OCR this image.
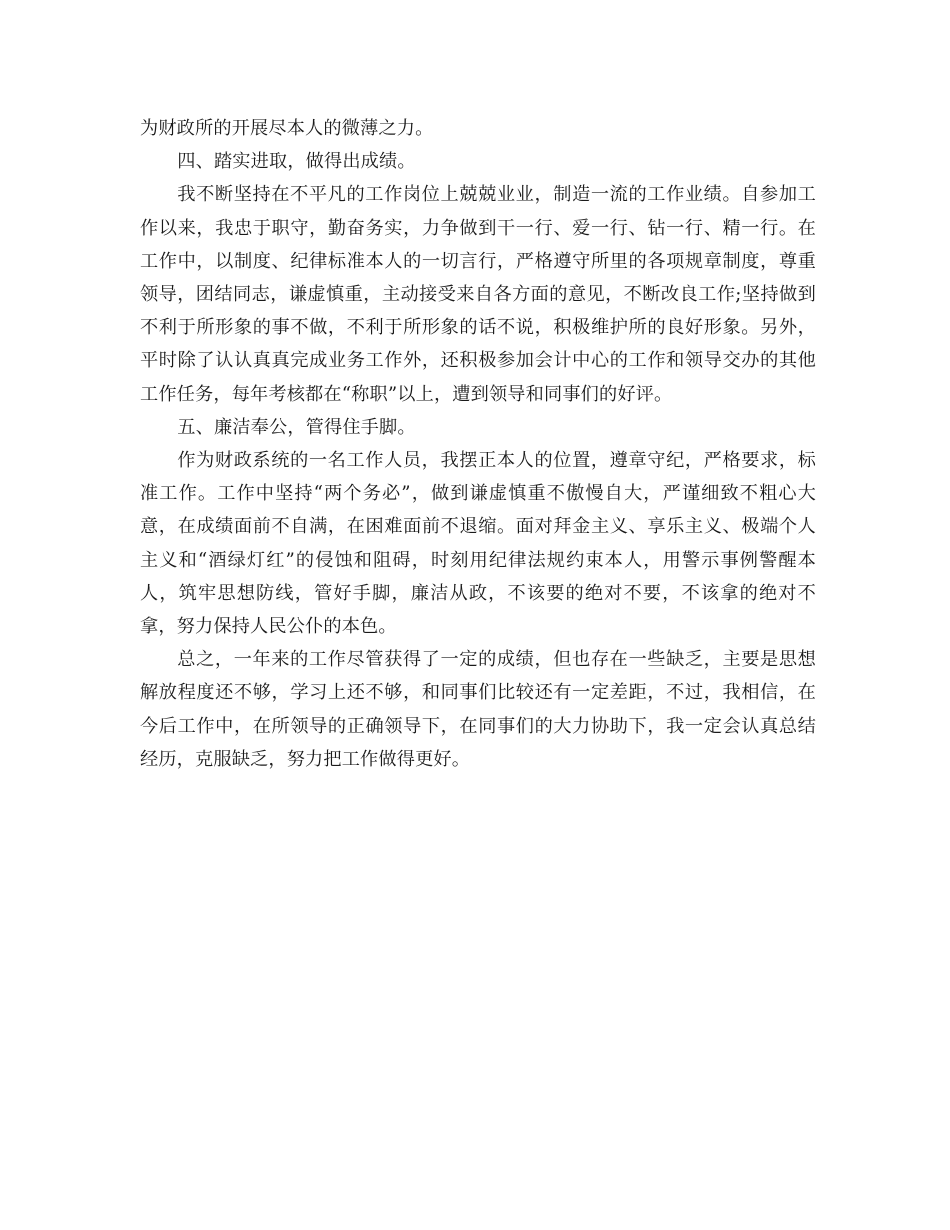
为财政所的开展尽本人的微薄之力。

四、踏实进取，做得出成绩。

我不断坚持在不平凡的工作岗位上兢兢业业，制造一流的工作业绩。自参加工作以来，我忠于职守，勤奋务实，力争做到干一行、爱一行、钻一行、精一行。在工作中，以制度、纪律标准本人的一切言行，严格遵守所里的各项规章制度，尊重领导，团结同志，谦虚慎重，主动接受来自各方面的意见，不断改良工作;坚持做到不利于所形象的事不做，不利于所形象的话不说，积极维护所的良好形象。另外，平时除了认认真真完成业务工作外，还积极参加会计中心的工作和领导交办的其他工作任务，每年考核都在“称职”以上，遭到领导和同事们的好评。

五、廉洁奉公，管得住手脚。

作为财政系统的一名工作人员，我摆正本人的位置，遵章守纪，严格要求，标准工作。工作中坚持“两个务必”，做到谦虚慎重不傲慢自大，严谨细致不粗心大意，在成绩面前不自满，在困难面前不退缩。面对拜金主义、享乐主义、极端个人主义和“酒绿灯红”的侵蚀和阻碍，时刻用纪律法规约束本人，用警示事例警醒本人，筑牢思想防线，管好手脚，廉洁从政，不该要的绝对不要，不该拿的绝对不拿，努力保持人民公仆的本色。

总之，一年来的工作尽管获得了一定的成绩，但也存在一些缺乏，主要是思想解放程度还不够，学习上还不够，和同事们比较还有一定差距，不过，我相信，在今后工作中，在所领导的正确领导下，在同事们的大力协助下，我一定会认真总结经历，克服缺乏，努力把工作做得更好。
